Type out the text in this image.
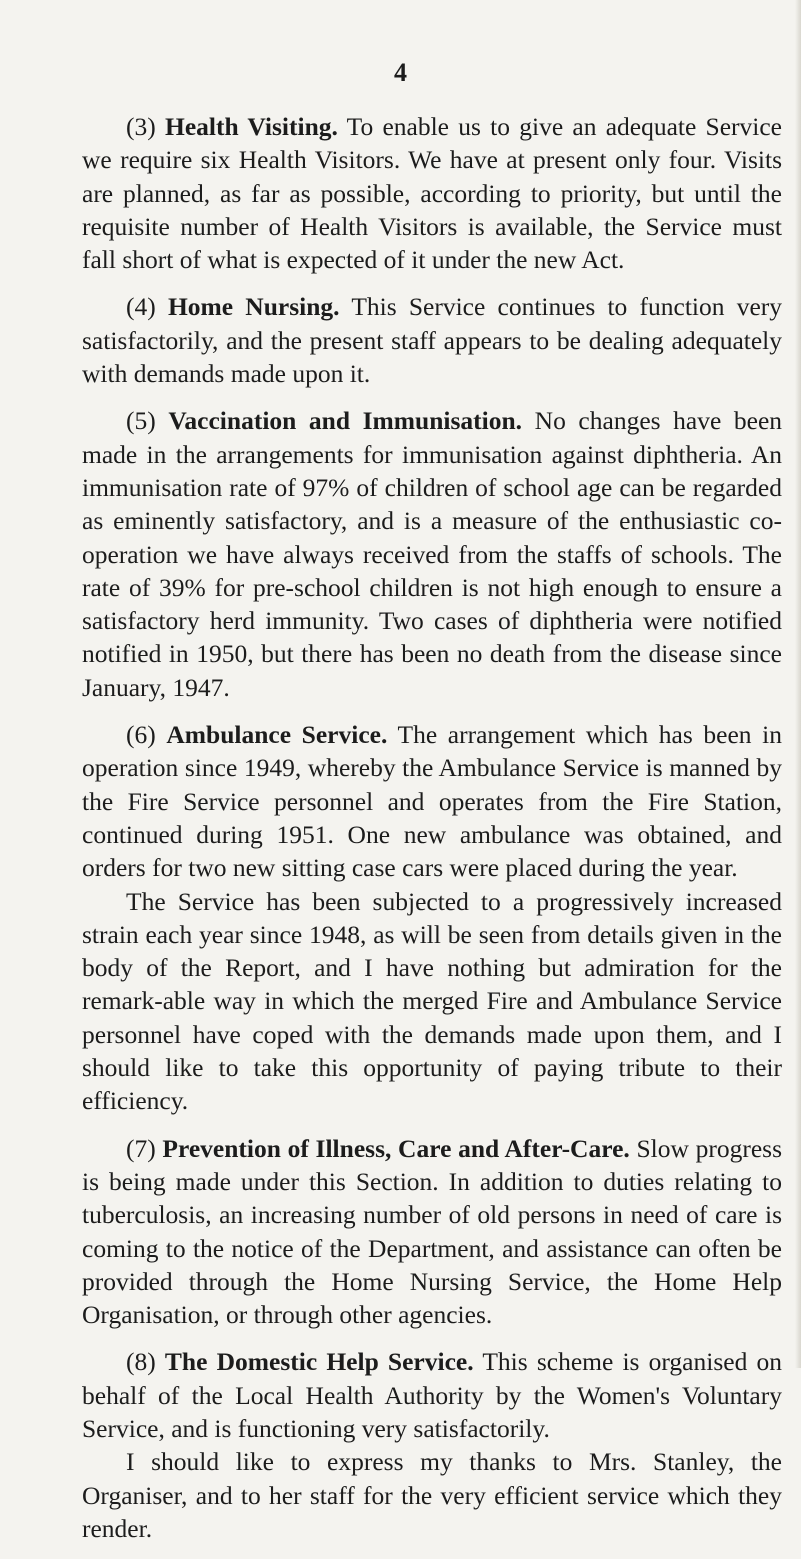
4

(3) Health Visiting. To enable us to give an adequate Service we require six Health Visitors. We have at present only four. Visits are planned, as far as possible, according to priority, but until the requisite number of Health Visitors is available, the Service must fall short of what is expected of it under the new Act.

(4) Home Nursing. This Service continues to function very satisfactorily, and the present staff appears to be dealing adequately with demands made upon it.

(5) Vaccination and Immunisation. No changes have been made in the arrangements for immunisation against diphtheria. An immunisation rate of 97% of children of school age can be regarded as eminently satisfactory, and is a measure of the enthusiastic co-operation we have always received from the staffs of schools. The rate of 39% for pre-school children is not high enough to ensure a satisfactory herd immunity. Two cases of diphtheria were notified notified in 1950, but there has been no death from the disease since January, 1947.

(6) Ambulance Service. The arrangement which has been in operation since 1949, whereby the Ambulance Service is manned by the Fire Service personnel and operates from the Fire Station, continued during 1951. One new ambulance was obtained, and orders for two new sitting case cars were placed during the year.

The Service has been subjected to a progressively increased strain each year since 1948, as will be seen from details given in the body of the Report, and I have nothing but admiration for the remark-able way in which the merged Fire and Ambulance Service personnel have coped with the demands made upon them, and I should like to take this opportunity of paying tribute to their efficiency.

(7) Prevention of Illness, Care and After-Care. Slow progress is being made under this Section. In addition to duties relating to tuberculosis, an increasing number of old persons in need of care is coming to the notice of the Department, and assistance can often be provided through the Home Nursing Service, the Home Help Organisation, or through other agencies.

(8) The Domestic Help Service. This scheme is organised on behalf of the Local Health Authority by the Women's Voluntary Service, and is functioning very satisfactorily.

I should like to express my thanks to Mrs. Stanley, the Organiser, and to her staff for the very efficient service which they render.
